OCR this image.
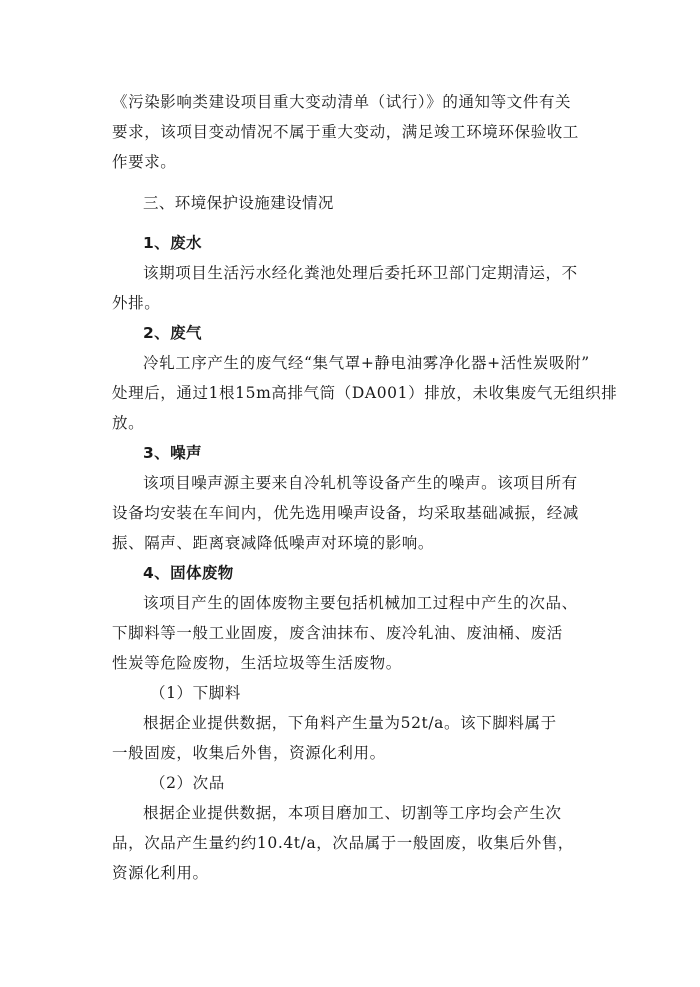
《污染影响类建设项目重大变动清单（试行）》的通知等文件有关
要求，该项目变动情况不属于重大变动，满足竣工环境环保验收工
作要求。
三、环境保护设施建设情况
1、废水
该期项目生活污水经化粪池处理后委托环卫部门定期清运，不
外排。
2、废气
冷轧工序产生的废气经“集气罩+静电油雾净化器+活性炭吸附”
处理后，通过1根15m高排气筒（DA001）排放，未收集废气无组织排
放。
3、噪声
该项目噪声源主要来自冷轧机等设备产生的噪声。该项目所有
设备均安装在车间内，优先选用噪声设备，均采取基础减振，经减
振、隔声、距离衰减降低噪声对环境的影响。
4、固体废物
该项目产生的固体废物主要包括机械加工过程中产生的次品、
下脚料等一般工业固废，废含油抹布、废冷轧油、废油桶、废活
性炭等危险废物，生活垃圾等生活废物。
（1）下脚料
根据企业提供数据，下角料产生量为52t/a。该下脚料属于
一般固废，收集后外售，资源化利用。
（2）次品
根据企业提供数据，本项目磨加工、切割等工序均会产生次
品，次品产生量约约10.4t/a，次品属于一般固废，收集后外售，
资源化利用。
